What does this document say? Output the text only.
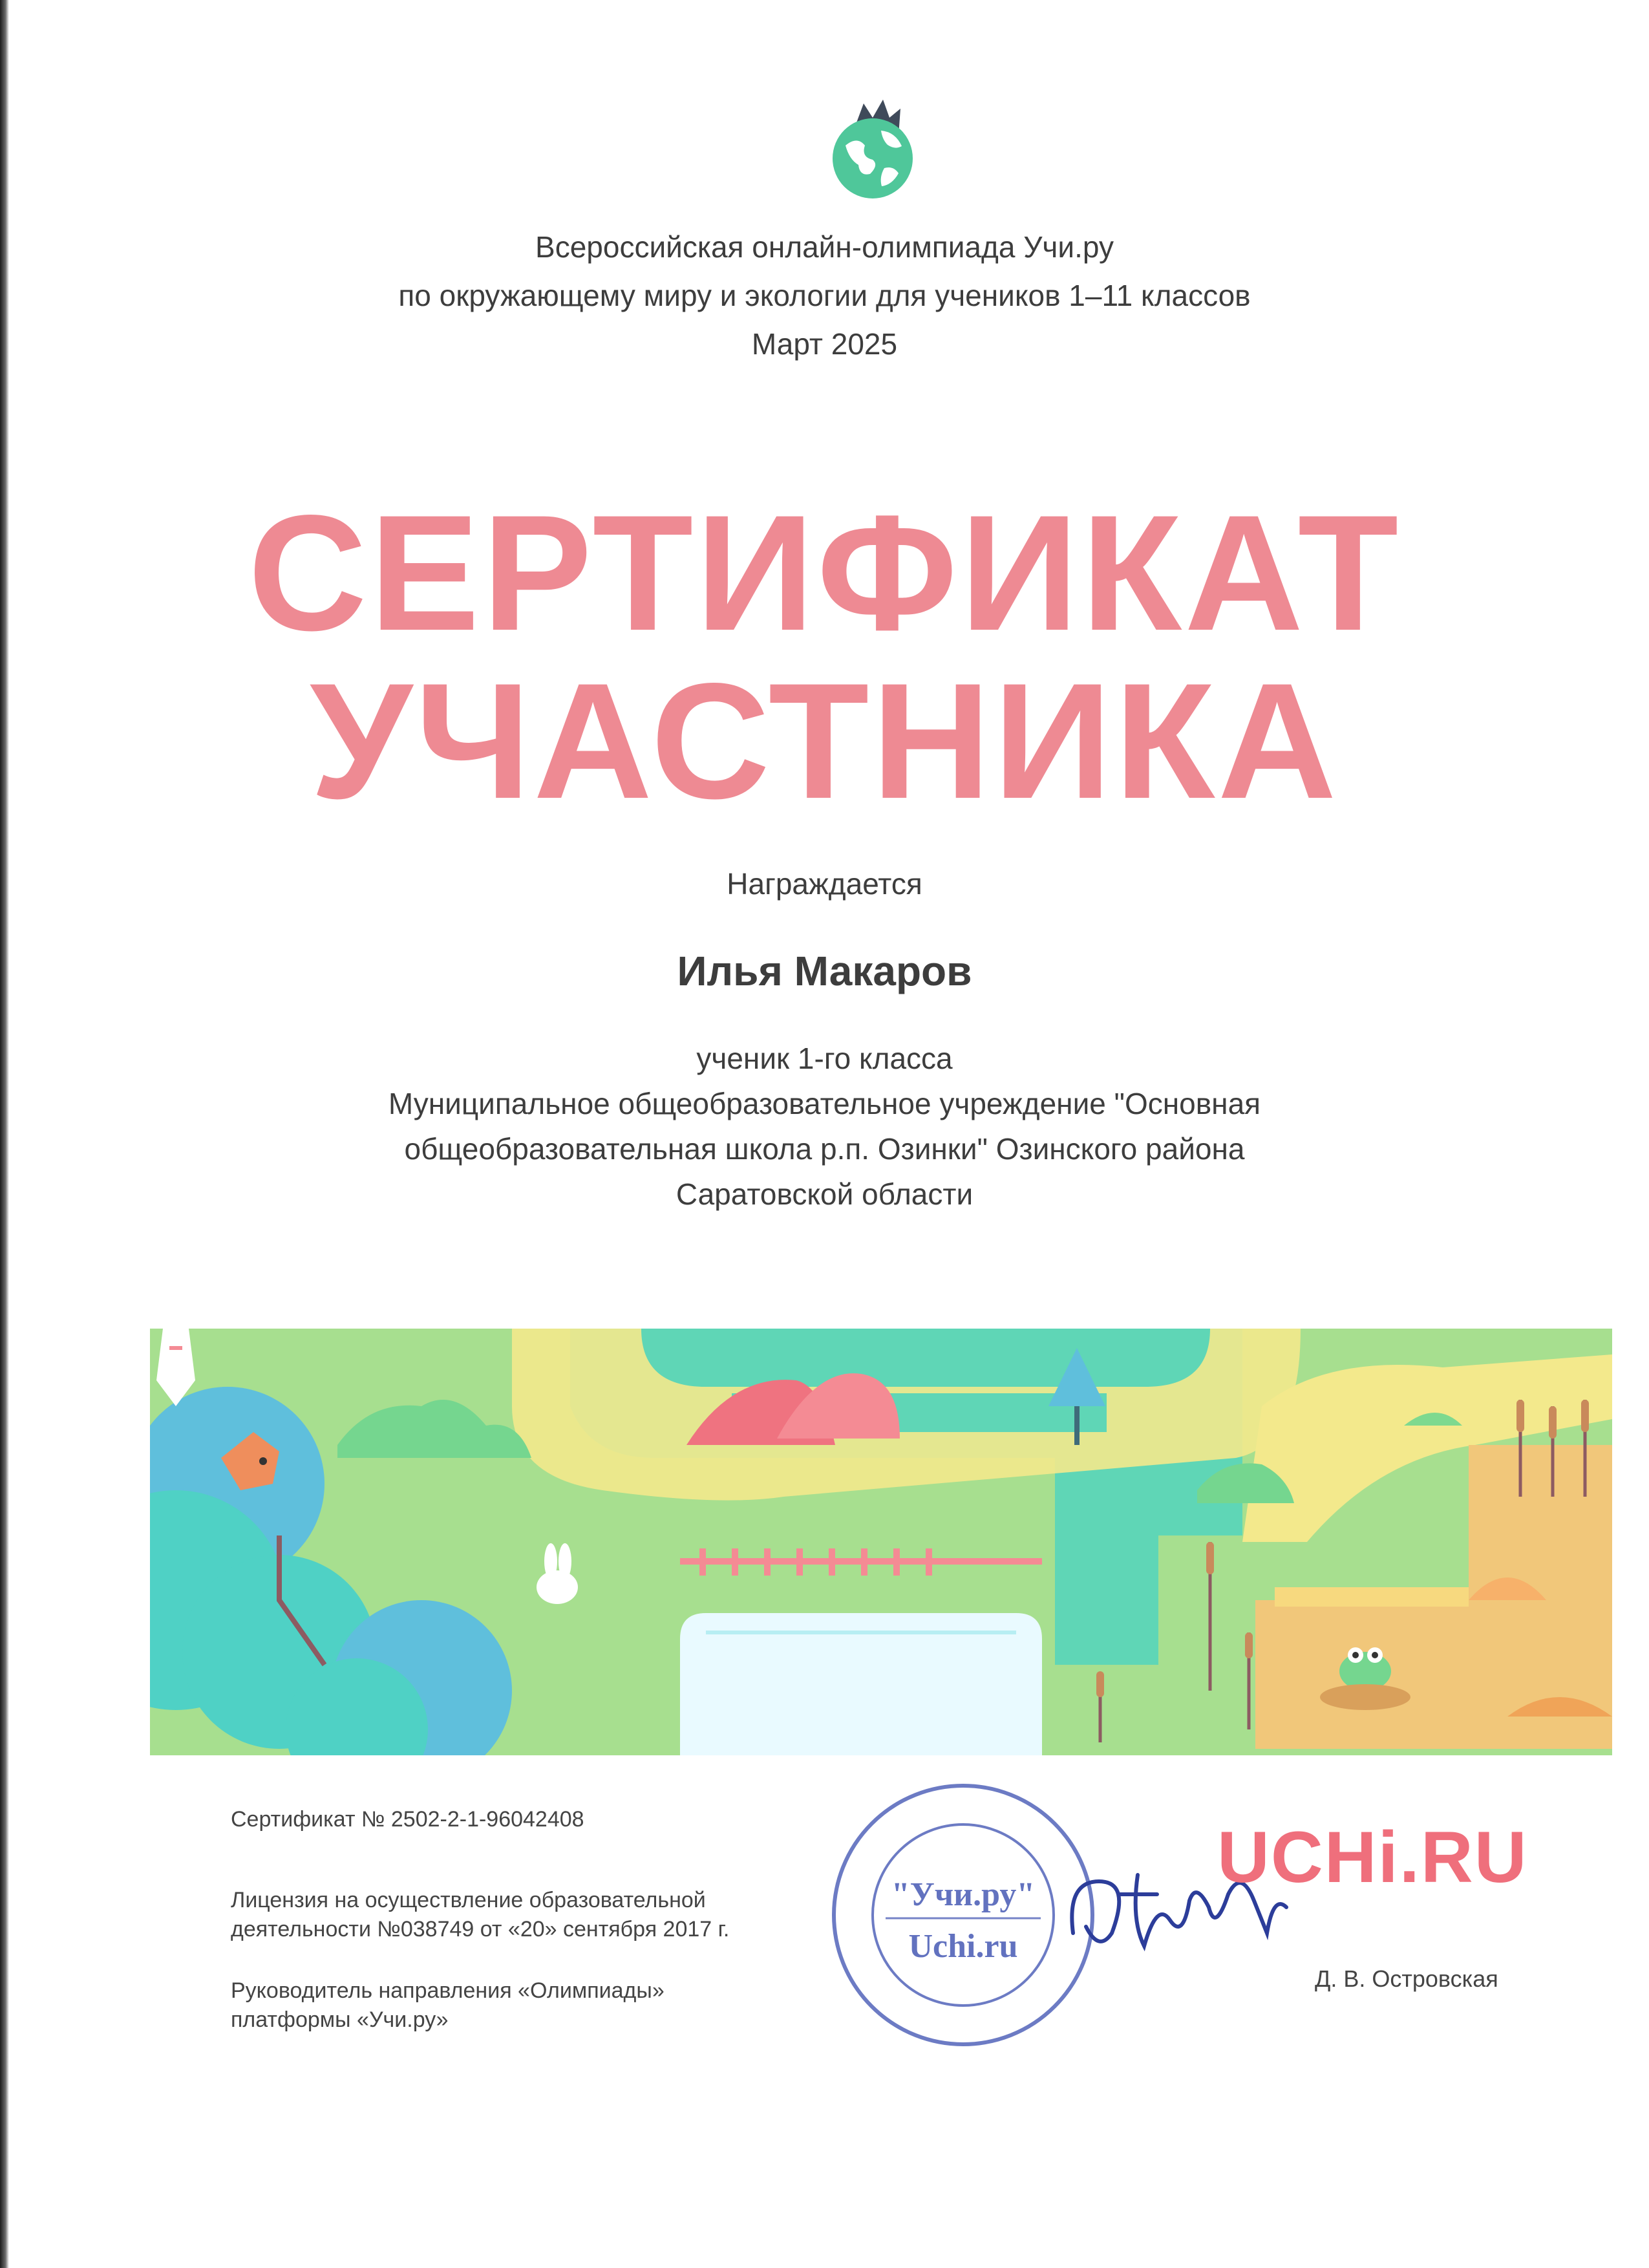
Всероссийская онлайн-олимпиада Учи.ру
по окружающему миру и экологии для учеников 1–11 классов
Март 2025
СЕРТИФИКАТ
УЧАСТНИКА
Награждается
Илья Макаров
ученик 1-го класса
Муниципальное общеобразовательное учреждение "Основная
общеобразовательная школа р.п. Озинки" Озинского района
Саратовской области
Сертификат № 2502-2-1-96042408
Лицензия на осуществление образовательной
деятельности №038749 от «20» сентября 2017 г.
Руководитель направления «Олимпиады»
платформы «Учи.ру»
"Учи.ру"
Uchi.ru
UCHi.RU
Д. В. Островская
